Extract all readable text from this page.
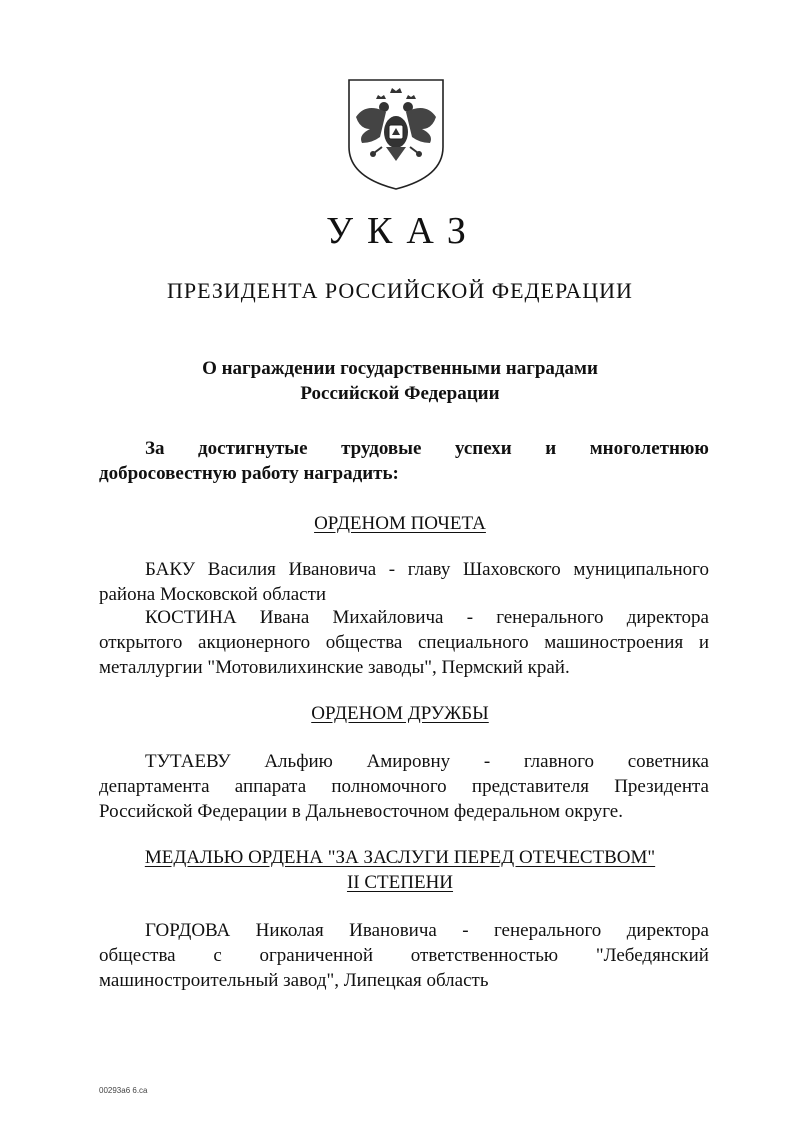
УКАЗ
ПРЕЗИДЕНТА РОССИЙСКОЙ ФЕДЕРАЦИИ
О награждении государственными наградами
Российской Федерации
За достигнутые трудовые успехи и многолетнюю
добросовестную работу наградить:
ОРДЕНОМ ПОЧЕТА
БАКУ Василия Ивановича - главу Шаховского муниципального
района Московской области
КОСТИНА Ивана Михайловича - генерального директора
открытого акционерного общества специального машиностроения и
металлургии "Мотовилихинские заводы", Пермский край.
ОРДЕНОМ ДРУЖБЫ
ТУТАЕВУ Альфию Амировну - главного советника
департамента аппарата полномочного представителя Президента
Российской Федерации в Дальневосточном федеральном округе.
МЕДАЛЬЮ ОРДЕНА "ЗА ЗАСЛУГИ ПЕРЕД ОТЕЧЕСТВОМ"
II СТЕПЕНИ
ГОРДОВА Николая Ивановича - генерального директора
общества с ограниченной ответственностью "Лебедянский
машиностроительный завод", Липецкая область
00293a6 6.са
